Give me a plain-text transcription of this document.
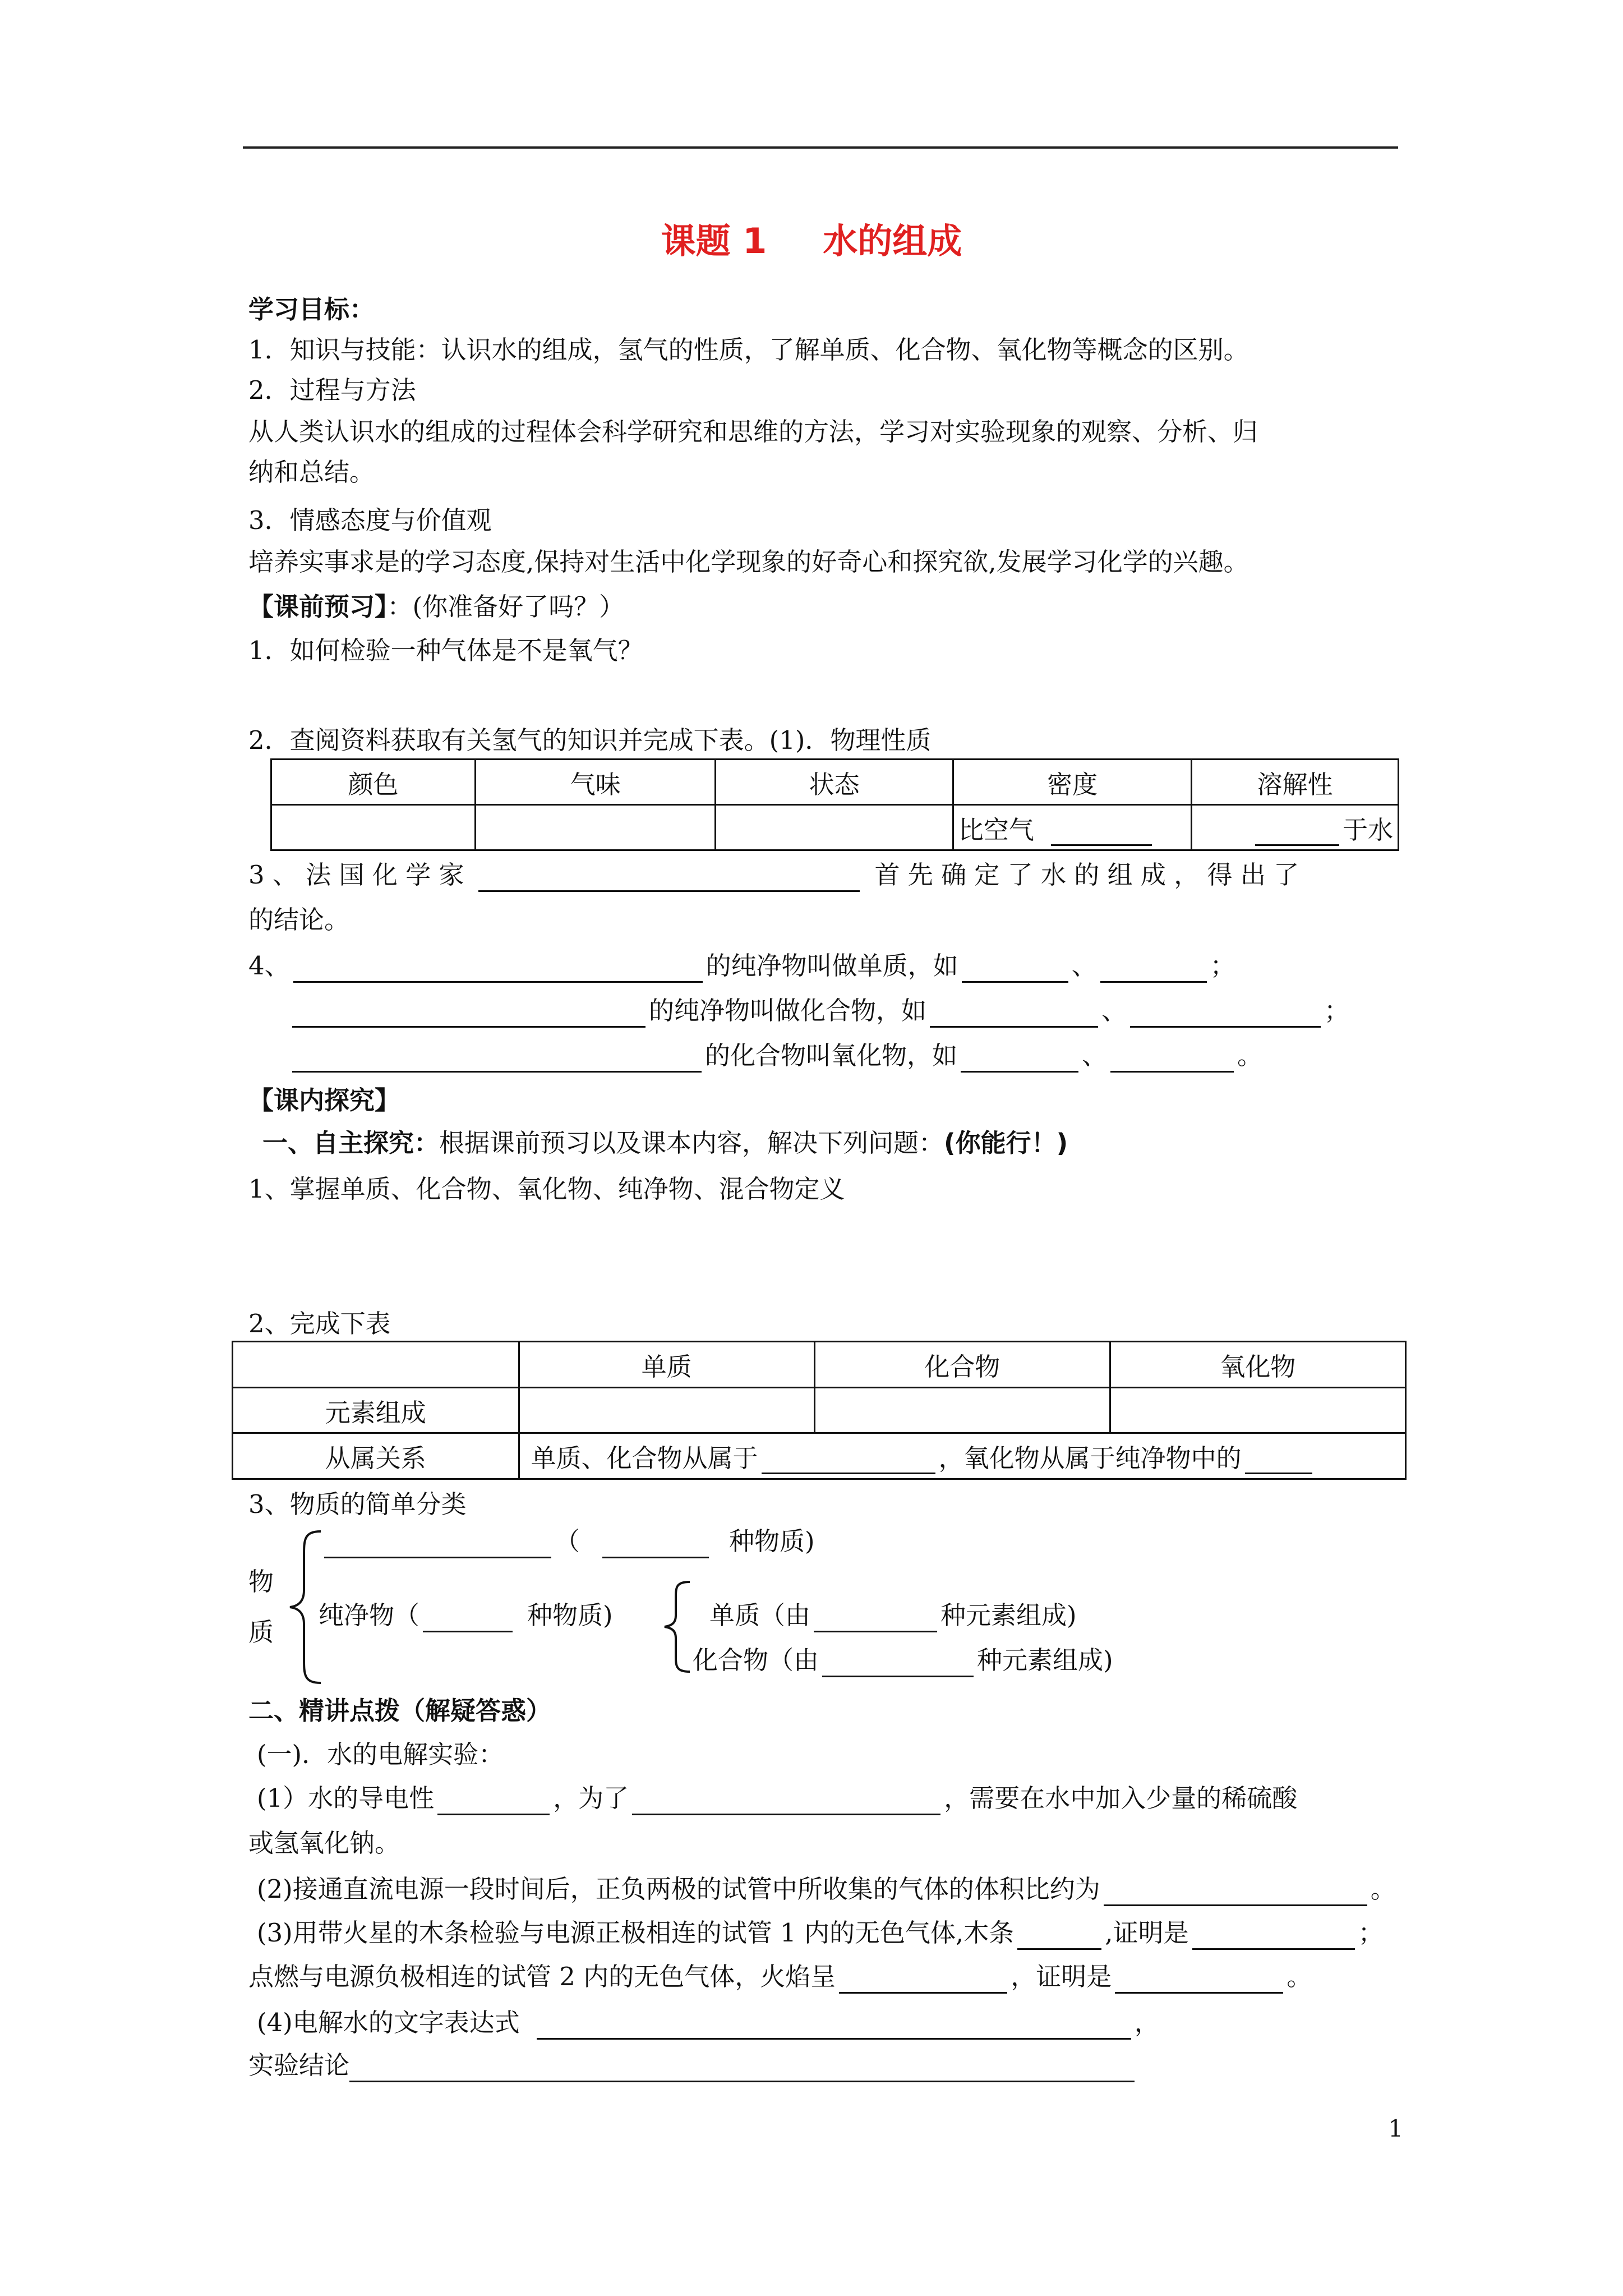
课题 1 水的组成
学习目标：
1．知识与技能：认识水的组成，氢气的性质，了解单质、化合物、氧化物等概念的区别。
2．过程与方法
从人类认识水的组成的过程体会科学研究和思维的方法，学习对实验现象的观察、分析、归
纳和总结。
3．情感态度与价值观
培养实事求是的学习态度,保持对生活中化学现象的好奇心和探究欲,发展学习化学的兴趣。
【课前预习】：(你准备好了吗？）
1．如何检验一种气体是不是氧气？
2．查阅资料获取有关氢气的知识并完成下表。(1)．物理性质
颜色	气味	状态	密度	溶解性
			比空气	于水
3 、 法 国 化 学 家	首 先 确 定 了 水 的 组 成 ， 得 出 了
的结论。
4、	的纯净物叫做单质，如	、	；
的纯净物叫做化合物，如	、	；
的化合物叫氧化物，如	、	。
【课内探究】
一、自主探究：根据课前预习以及课本内容，解决下列问题：(你能行！)
1、掌握单质、化合物、氧化物、纯净物、混合物定义
2、完成下表
	单质	化合物	氧化物
元素组成			
从属关系	单质、化合物从属于 ，氧化物从属于纯净物中的		
3、物质的简单分类
物
质
（	种物质)
纯净物（	种物质)	单质（由	种元素组成)
化合物（由	种元素组成)
二、精讲点拨（解疑答惑）
(一)．水的电解实验：
(1）水的导电性	，为了	，需要在水中加入少量的稀硫酸
或氢氧化钠。
(2)接通直流电源一段时间后，正负两极的试管中所收集的气体的体积比约为	。
(3)用带火星的木条检验与电源正极相连的试管 1 内的无色气体,木条	,证明是	；
点燃与电源负极相连的试管 2 内的无色气体，火焰呈	，证明是	。
(4)电解水的文字表达式	，
实验结论
1
